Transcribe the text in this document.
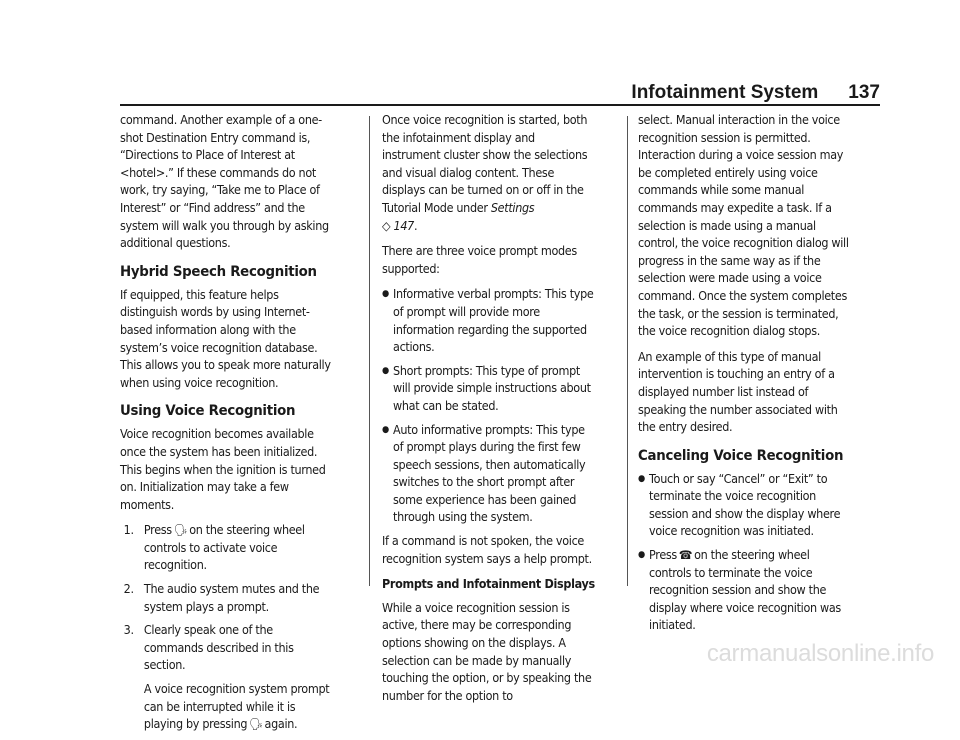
Infotainment System 137

command. Another example of a one-shot Destination Entry command is, “Directions to Place of Interest at <hotel>.” If these commands do not work, try saying, “Take me to Place of Interest” or “Find address” and the system will walk you through by asking additional questions.

Hybrid Speech Recognition

If equipped, this feature helps distinguish words by using Internet-based information along with the system’s voice recognition database. This allows you to speak more naturally when using voice recognition.

Using Voice Recognition

Voice recognition becomes available once the system has been initialized. This begins when the ignition is turned on. Initialization may take a few moments.

1. Press 🗣︎ on the steering wheel controls to activate voice recognition.
2. The audio system mutes and the system plays a prompt.
3. Clearly speak one of the commands described in this section.
A voice recognition system prompt can be interrupted while it is playing by pressing 🗣︎ again.

Once voice recognition is started, both the infotainment display and instrument cluster show the selections and visual dialog content. These displays can be turned on or off in the Tutorial Mode under Settings
◇ 147.

There are three voice prompt modes supported:

● Informative verbal prompts: This type of prompt will provide more information regarding the supported actions.
● Short prompts: This type of prompt will provide simple instructions about what can be stated.
● Auto informative prompts: This type of prompt plays during the first few speech sessions, then automatically switches to the short prompt after some experience has been gained through using the system.

If a command is not spoken, the voice recognition system says a help prompt.

Prompts and Infotainment Displays

While a voice recognition session is active, there may be corresponding options showing on the displays. A selection can be made by manually touching the option, or by speaking the number for the option to

select. Manual interaction in the voice recognition session is permitted. Interaction during a voice session may be completed entirely using voice commands while some manual commands may expedite a task. If a selection is made using a manual control, the voice recognition dialog will progress in the same way as if the selection were made using a voice command. Once the system completes the task, or the session is terminated, the voice recognition dialog stops.

An example of this type of manual intervention is touching an entry of a displayed number list instead of speaking the number associated with the entry desired.

Canceling Voice Recognition
● Touch or say “Cancel” or “Exit” to terminate the voice recognition session and show the display where voice recognition was initiated.
● Press ☎︎ on the steering wheel controls to terminate the voice recognition session and show the display where voice recognition was initiated.
carmanualsonline.info
